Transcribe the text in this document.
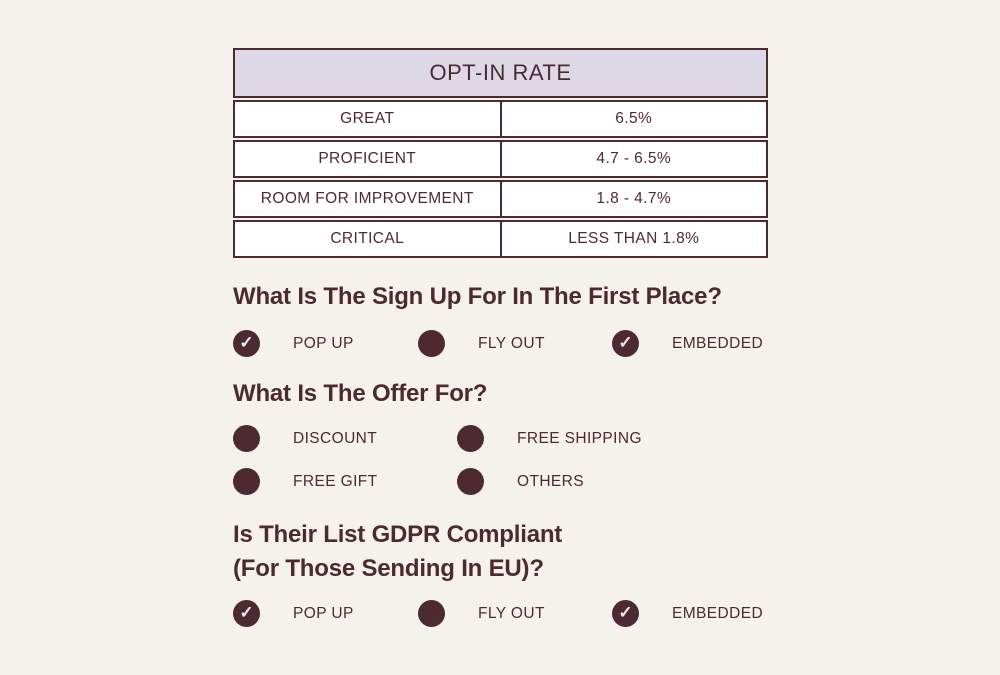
OPT-IN RATE
GREAT	6.5%
PROFICIENT	4.7 - 6.5%
ROOM FOR IMPROVEMENT	1.8 - 4.7%
CRITICAL	LESS THAN 1.8%
What Is The Sign Up For In The First Place?
✓	POP UP	FLY OUT	✓	EMBEDDED
What Is The Offer For?
DISCOUNT	FREE SHIPPING
FREE GIFT	OTHERS
Is Their List GDPR Compliant
(For Those Sending In EU)?
✓	POP UP	FLY OUT	✓	EMBEDDED
